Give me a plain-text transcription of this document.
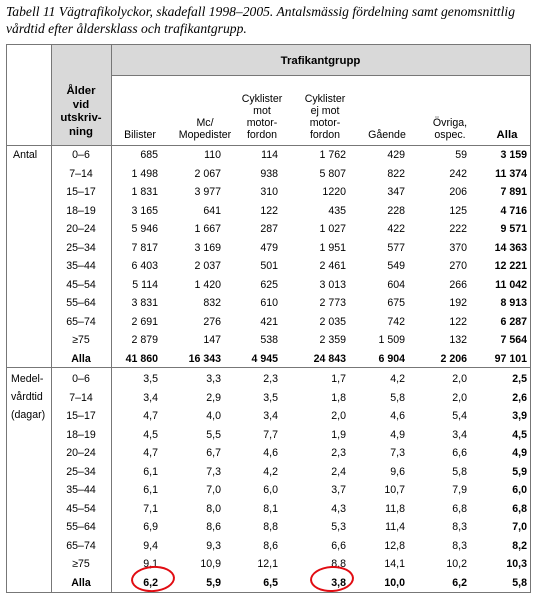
Tabell 11 Vägtrafikolyckor, skadefall 1998–2005. Antalsmässig fördelning samt genomsnittlig vårdtid efter åldersklass och trafikantgrupp.
Ålder
vid
utskriv-
ning
Trafikantgrupp
Bilister
Mc/
Mopedister
Cyklister
mot
motor-
fordon
Cyklister
ej mot
motor-
fordon	Gående
Övriga,
ospec.	Alla
Antal
Medel-
vårdtid
(dagar)
0–6	685	110	114	1 762	429	59	3 159
7–14	1 498	2 067	938	5 807	822	242	11 374
15–17	1 831	3 977	310	1220	347	206	7 891
18–19	3 165	641	122	435	228	125	4 716
20–24	5 946	1 667	287	1 027	422	222	9 571
25–34	7 817	3 169	479	1 951	577	370	14 363
35–44	6 403	2 037	501	2 461	549	270	12 221
45–54	5 114	1 420	625	3 013	604	266	11 042
55–64	3 831	832	610	2 773	675	192	8 913
65–74	2 691	276	421	2 035	742	122	6 287
≥75	2 879	147	538	2 359	1 509	132	7 564
Alla	41 860	16 343	4 945	24 843	6 904	2 206	97 101
0–6	3,5	3,3	2,3	1,7	4,2	2,0	2,5
7–14	3,4	2,9	3,5	1,8	5,8	2,0	2,6
15–17	4,7	4,0	3,4	2,0	4,6	5,4	3,9
18–19	4,5	5,5	7,7	1,9	4,9	3,4	4,5
20–24	4,7	6,7	4,6	2,3	7,3	6,6	4,9
25–34	6,1	7,3	4,2	2,4	9,6	5,8	5,9
35–44	6,1	7,0	6,0	3,7	10,7	7,9	6,0
45–54	7,1	8,0	8,1	4,3	11,8	6,8	6,8
55–64	6,9	8,6	8,8	5,3	11,4	8,3	7,0
65–74	9,4	9,3	8,6	6,6	12,8	8,3	8,2
≥75	9,1	10,9	12,1	8,8	14,1	10,2	10,3
Alla	6,2	5,9	6,5	3,8	10,0	6,2	5,8
